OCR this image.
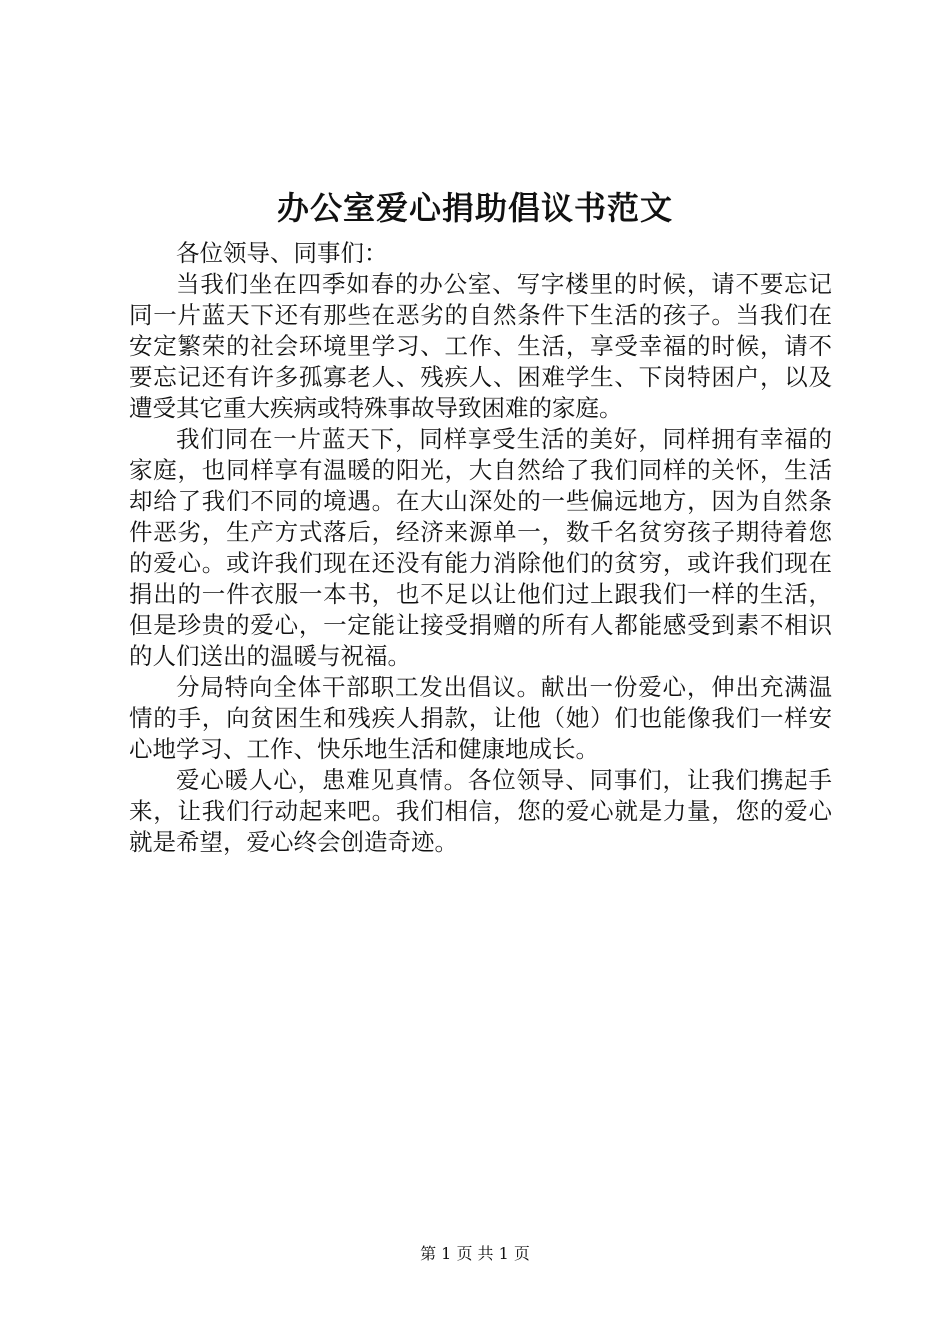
办公室爱心捐助倡议书范文

各位领导、同事们：

当我们坐在四季如春的办公室、写字楼里的时候，请不要忘记同一片蓝天下还有那些在恶劣的自然条件下生活的孩子。当我们在安定繁荣的社会环境里学习、工作、生活，享受幸福的时候，请不要忘记还有许多孤寡老人、残疾人、困难学生、下岗特困户，以及遭受其它重大疾病或特殊事故导致困难的家庭。

我们同在一片蓝天下，同样享受生活的美好，同样拥有幸福的家庭，也同样享有温暖的阳光，大自然给了我们同样的关怀，生活却给了我们不同的境遇。在大山深处的一些偏远地方，因为自然条件恶劣，生产方式落后，经济来源单一，数千名贫穷孩子期待着您的爱心。或许我们现在还没有能力消除他们的贫穷，或许我们现在捐出的一件衣服一本书，也不足以让他们过上跟我们一样的生活，但是珍贵的爱心，一定能让接受捐赠的所有人都能感受到素不相识的人们送出的温暖与祝福。

分局特向全体干部职工发出倡议。献出一份爱心，伸出充满温情的手，向贫困生和残疾人捐款，让他（她）们也能像我们一样安心地学习、工作、快乐地生活和健康地成长。

爱心暖人心，患难见真情。各位领导、同事们，让我们携起手来，让我们行动起来吧。我们相信，您的爱心就是力量，您的爱心就是希望，爱心终会创造奇迹。

第 1 页 共 1 页
